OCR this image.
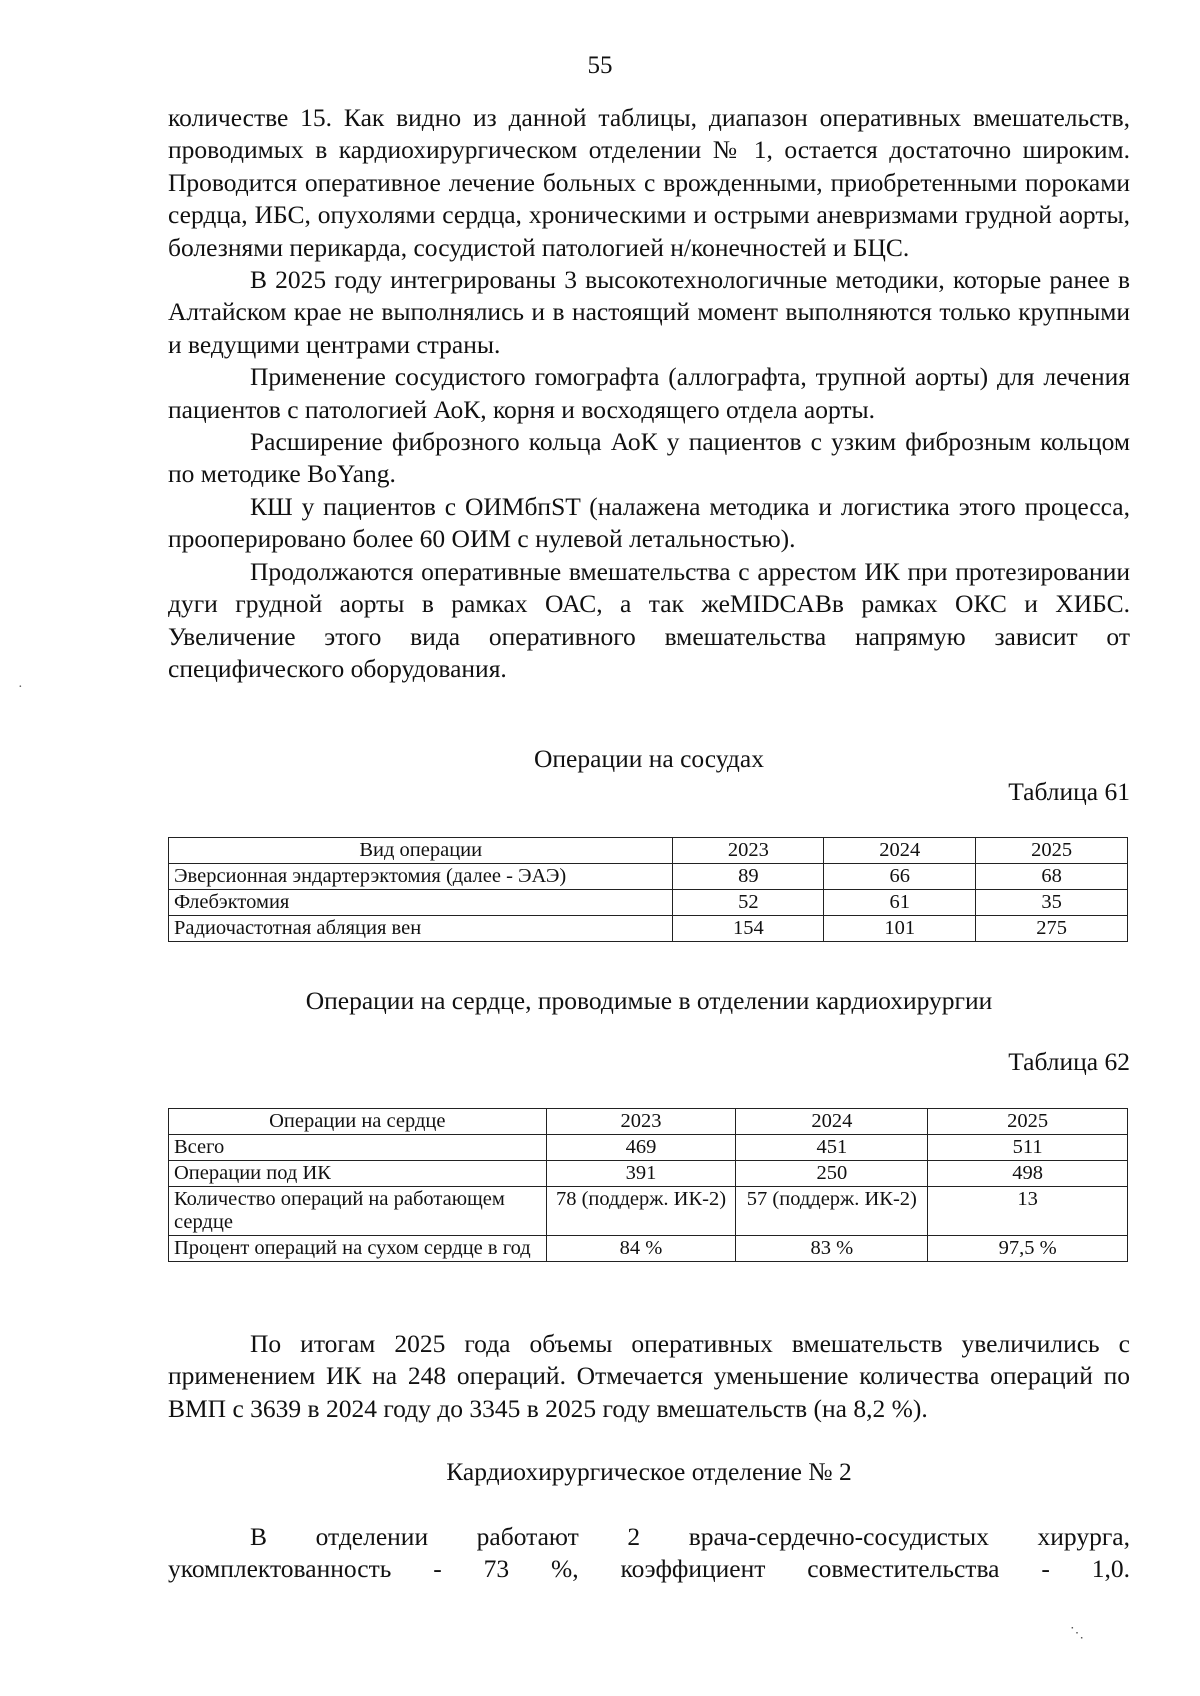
55

количестве 15. Как видно из данной таблицы, диапазон оперативных вмешательств, проводимых в кардиохирургическом отделении № 1, остается достаточно широким. Проводится оперативное лечение больных с врожденными, приобретенными пороками сердца, ИБС, опухолями сердца, хроническими и острыми аневризмами грудной аорты, болезнями перикарда, сосудистой патологией н/конечностей и БЦС.

В 2025 году интегрированы 3 высокотехнологичные методики, которые ранее в Алтайском крае не выполнялись и в настоящий момент выполняются только крупными и ведущими центрами страны.

Применение сосудистого гомографта (аллографта, трупной аорты) для лечения пациентов с патологией АоК, корня и восходящего отдела аорты.

Расширение фиброзного кольца АоК у пациентов с узким фиброзным кольцом по методике BoYang.

КШ у пациентов с ОИМбпST (налажена методика и логистика этого процесса, прооперировано более 60 ОИМ с нулевой летальностью).

Продолжаются оперативные вмешательства с аррестом ИК при протезировании дуги грудной аорты в рамках ОАС, а так жеMIDCABв рамках ОКС и ХИБС. Увеличение этого вида оперативного вмешательства напрямую зависит от специфического оборудования.

Операции на сосудах

Таблица 61

Вид операции	2023	2024	2025
Эверсионная эндартерэктомия (далее - ЭАЭ)	89	66	68
Флебэктомия	52	61	35
Радиочастотная абляция вен	154	101	275

Операции на сердце, проводимые в отделении кардиохирургии

Таблица 62

Операции на сердце	2023	2024	2025
Всего	469	451	511
Операции под ИК	391	250	498
Количество операций на работающем сердце	78 (поддерж. ИК-2)	57 (поддерж. ИК-2)	13
Процент операций на сухом сердце в год	84 %	83 %	97,5 %

По итогам 2025 года объемы оперативных вмешательств увеличились с применением ИК на 248 операций. Отмечается уменьшение количества операций по ВМП с 3639 в 2024 году до 3345 в 2025 году вмешательств (на 8,2 %).

Кардиохирургическое отделение № 2

В отделении работают 2 врача-сердечно-сосудистых хирурга, укомплектованность - 73 %, коэффициент совместительства - 1,0.

⋱
·
